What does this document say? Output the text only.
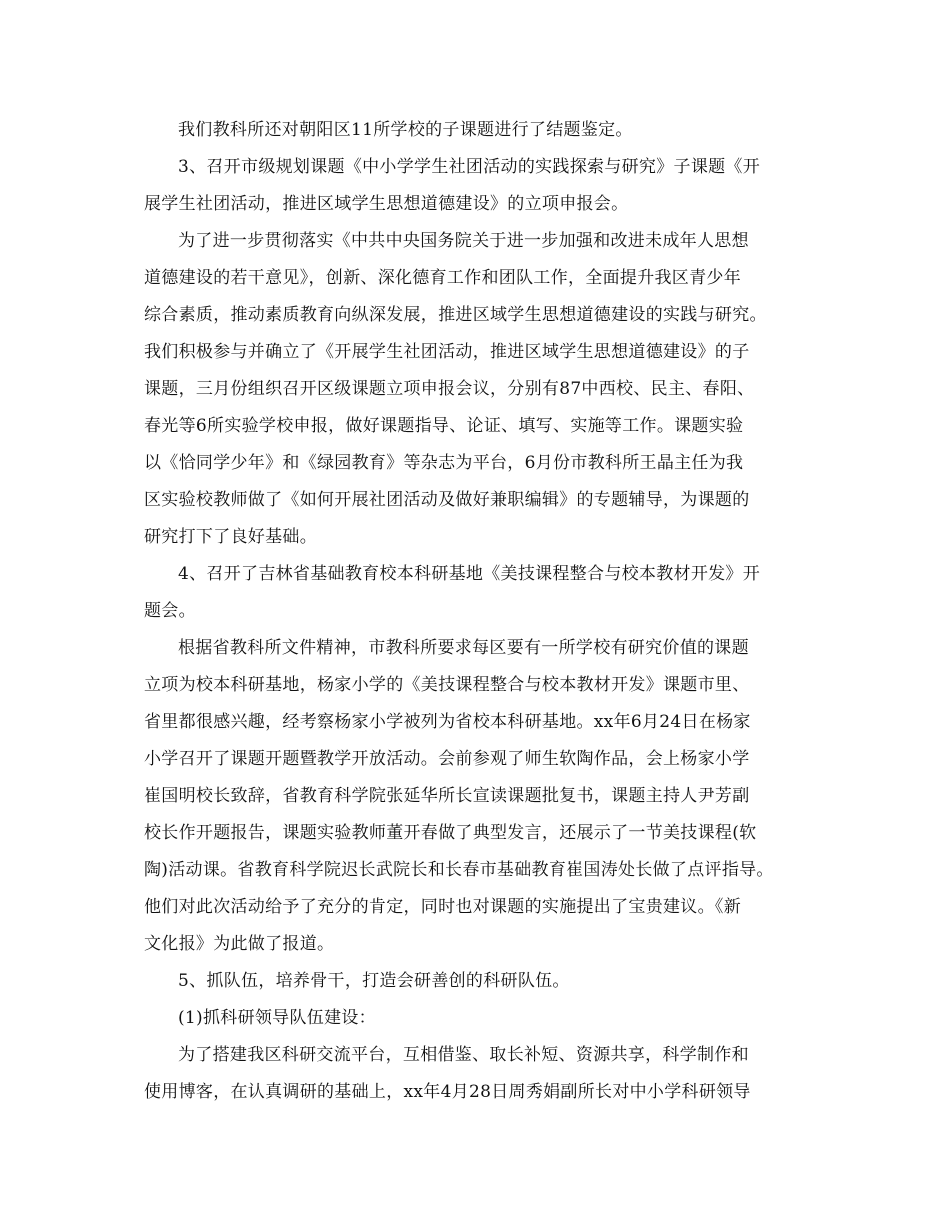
我们教科所还对朝阳区11所学校的子课题进行了结题鉴定。
3、召开市级规划课题《中小学学生社团活动的实践探索与研究》子课题《开
展学生社团活动，推进区域学生思想道德建设》的立项申报会。
为了进一步贯彻落实《中共中央国务院关于进一步加强和改进未成年人思想
道德建设的若干意见》，创新、深化德育工作和团队工作，全面提升我区青少年
综合素质，推动素质教育向纵深发展，推进区域学生思想道德建设的实践与研究。
我们积极参与并确立了《开展学生社团活动，推进区域学生思想道德建设》的子
课题，三月份组织召开区级课题立项申报会议，分别有87中西校、民主、春阳、
春光等6所实验学校申报，做好课题指导、论证、填写、实施等工作。课题实验
以《恰同学少年》和《绿园教育》等杂志为平台，6月份市教科所王晶主任为我
区实验校教师做了《如何开展社团活动及做好兼职编辑》的专题辅导，为课题的
研究打下了良好基础。
4、召开了吉林省基础教育校本科研基地《美技课程整合与校本教材开发》开
题会。
根据省教科所文件精神，市教科所要求每区要有一所学校有研究价值的课题
立项为校本科研基地，杨家小学的《美技课程整合与校本教材开发》课题市里、
省里都很感兴趣，经考察杨家小学被列为省校本科研基地。xx年6月24日在杨家
小学召开了课题开题暨教学开放活动。会前参观了师生软陶作品，会上杨家小学
崔国明校长致辞，省教育科学院张延华所长宣读课题批复书，课题主持人尹芳副
校长作开题报告，课题实验教师董开春做了典型发言，还展示了一节美技课程(软
陶)活动课。省教育科学院迟长武院长和长春市基础教育崔国涛处长做了点评指导。
他们对此次活动给予了充分的肯定，同时也对课题的实施提出了宝贵建议。《新
文化报》为此做了报道。
5、抓队伍，培养骨干，打造会研善创的科研队伍。
(1)抓科研领导队伍建设：
为了搭建我区科研交流平台，互相借鉴、取长补短、资源共享，科学制作和
使用博客，在认真调研的基础上，xx年4月28日周秀娟副所长对中小学科研领导
